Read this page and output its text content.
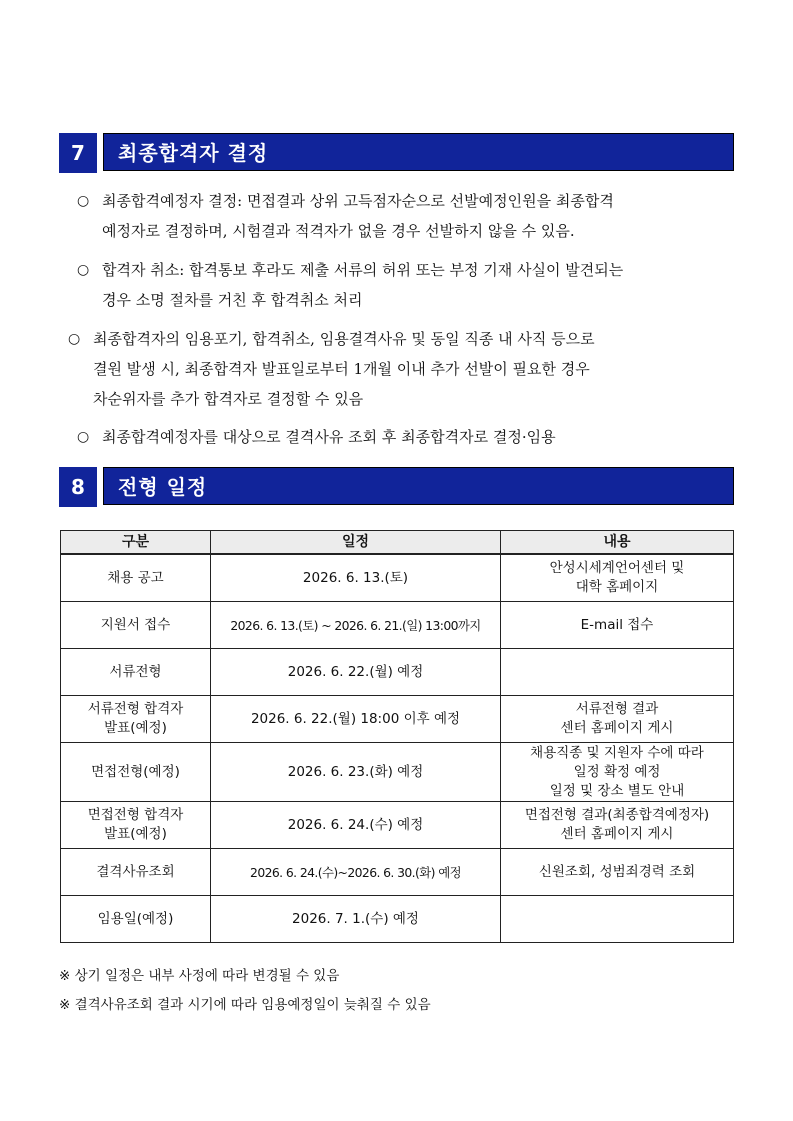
7	최종합격자 결정
○ 최종합격예정자 결정: 면접결과 상위 고득점자순으로 선발예정인원을 최종합격
예정자로 결정하며, 시험결과 적격자가 없을 경우 선발하지 않을 수 있음.
○ 합격자 취소: 합격통보 후라도 제출 서류의 허위 또는 부정 기재 사실이 발견되는
경우 소명 절차를 거친 후 합격취소 처리
○ 최종합격자의 임용포기, 합격취소, 임용결격사유 및 동일 직종 내 사직 등으로
결원 발생 시, 최종합격자 발표일로부터 1개월 이내 추가 선발이 필요한 경우
차순위자를 추가 합격자로 결정할 수 있음
○ 최종합격예정자를 대상으로 결격사유 조회 후 최종합격자로 결정·임용
8	전형 일정
구분	일정	내용

채용 공고	2026. 6. 13.(토)	안성시세계언어센터 및
대학 홈페이지

지원서 접수	2026. 6. 13.(토) ~ 2026. 6. 21.(일) 13:00까지	E-mail 접수

서류전형	2026. 6. 22.(월) 예정	

서류전형 합격자
발표(예정)	2026. 6. 22.(월) 18:00 이후 예정	서류전형 결과
센터 홈페이지 게시

면접전형(예정)	2026. 6. 23.(화) 예정	채용직종 및 지원자 수에 따라
일정 확정 예정
일정 및 장소 별도 안내

면접전형 합격자
발표(예정)	2026. 6. 24.(수) 예정	면접전형 결과(최종합격예정자)
센터 홈페이지 게시

결격사유조회	2026. 6. 24.(수)~2026. 6. 30.(화) 예정	신원조회, 성범죄경력 조회

임용일(예정)	2026. 7. 1.(수) 예정	

※ 상기 일정은 내부 사정에 따라 변경될 수 있음
※ 결격사유조회 결과 시기에 따라 임용예정일이 늦춰질 수 있음
